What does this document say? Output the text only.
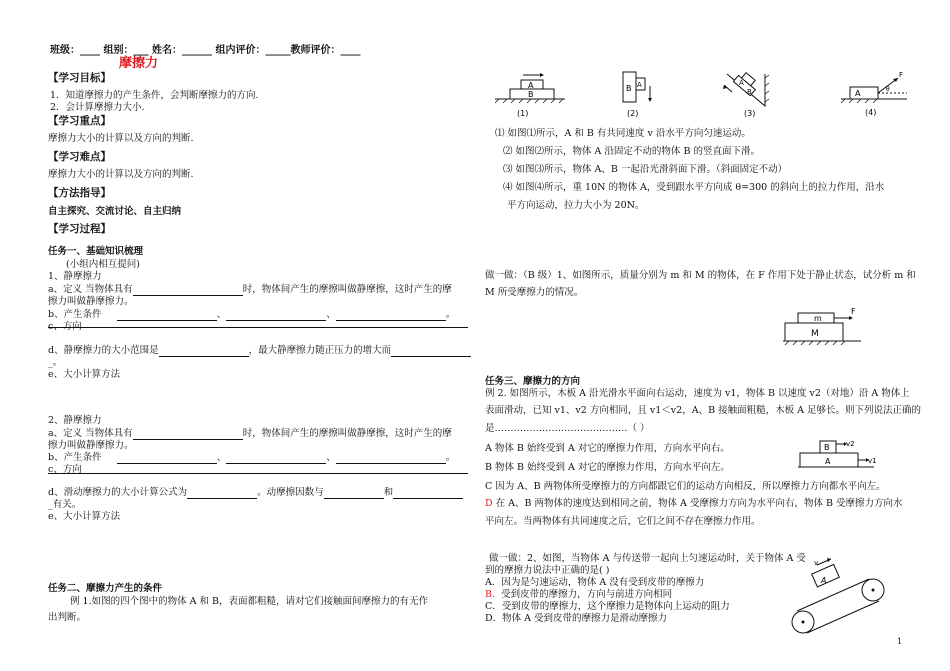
班级：____ 组别：___ 姓名：______ 组内评价：_____教师评价：____
摩擦力
【学习目标】
1．知道摩擦力的产生条件，会判断摩擦力的方向.
2．会计算摩擦力大小.
【学习重点】
摩擦力大小的计算以及方向的判断.
【学习难点】
摩擦力大小的计算以及方向的判断.
【方法指导】
自主探究、交流讨论、自主归纳
【学习过程】
任务一、基础知识梳理
(小组内相互提问)
1、静摩擦力
a、定义 当物体具有	时，物体间产生的摩擦叫做静摩擦，这时产生的摩
擦力叫做静摩擦力。
b、产生条件	、	、	。
c、方向
d、静摩擦力的大小范围是	，最大静摩擦力随正压力的增大而
_。
e、大小计算方法
2、静摩擦力
a、定义 当物体具有	时，物体间产生的摩擦叫做静摩擦，这时产生的摩
擦力叫做静摩擦力。
b、产生条件	、	、	。
c、方向
d、滑动摩擦力的大小计算公式为	。动摩擦因数与	和
_有关。
e、大小计算方法
任务二、摩擦力产生的条件
例 1.如图的四个图中的物体 A 和 B，表面都粗糙，请对它们接触面间摩擦力的有无作
出判断。
A
B
(1)
B A
(2)
A
B
(3)
A	θ
F
(4)
⑴ 如图⑴所示，A 和 B 有共同速度 v 沿水平方向匀速运动。
⑵ 如图⑵所示，物体 A 沿固定不动的物体 B 的竖直面下滑。
⑶ 如图⑶所示，物体 A、B 一起沿光滑斜面下滑。（斜面固定不动）
⑷ 如图⑷所示，重 10N 的物体 A，受到跟水平方向成 θ=300 的斜向上的拉力作用，沿水
平方向运动，拉力大小为 20N。
做一做：（B 级）1、如图所示，质量分别为 m 和 M 的物体，在 F 作用下处于静止状态，试分析 m 和
M 所受摩擦力的情况。
m
M
F
任务三、摩擦力的方向
例 2. 如图所示，木板 A 沿光滑水平面向右运动，速度为 v1，物体 B 以速度 v2（对地）沿 A 物体上
表面滑动，已知 v1、v2 方向相同，且 v1＜v2，A、B 接触面粗糙，木板 A 足够长。则下列说法正确的
是……………………………………（ ）
A 物体 B 始终受到 A 对它的摩擦力作用，方向水平向右。
B 物体 B 始终受到 A 对它的摩擦力作用，方向水平向左。
B
A
v2
v1
C 因为 A、B 两物体所受摩擦力的方向都跟它们的运动方向相反，所以摩擦力方向都水平向左。
D 在 A、B 两物体的速度达到相同之前，物体 A 受摩擦力方向为水平向右，物体 B 受摩擦力方向水
平向左。当两物体有共同速度之后，它们之间不存在摩擦力作用。
做一做：2、如图，当物体 A 与传送带一起向上匀速运动时，关于物体 A 受
到的摩擦力说法中正确的是( )
A．因为是匀速运动，物体 A 没有受到皮带的摩擦力
B. 受到皮带的摩擦力，方向与前进方向相同
C．受到皮带的摩擦力，这个摩擦力是物体向上运动的阻力
D．物体 A 受到皮带的摩擦力是滑动摩擦力
A
v
1
